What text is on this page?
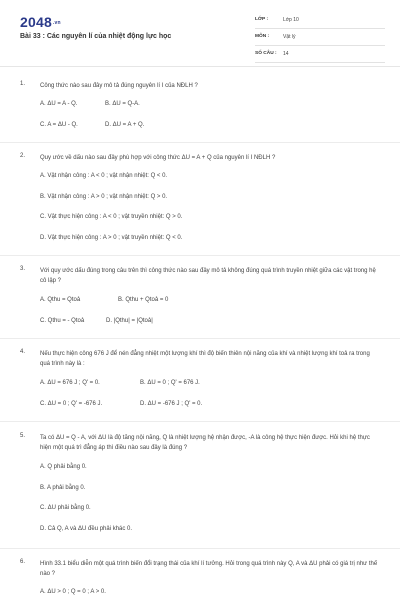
2048.vn
Bài 33 : Các nguyên lí của nhiệt động lực học
LỚP :	Lớp 10
MÔN :	Vật lý
SỐ CÂU : 14
1. Công thức nào sau đây mô tả đúng nguyên lí I của NĐLH ?
A. ΔU = A - Q.	B. ΔU = Q-A.
C. A = ΔU - Q.	D. ΔU = A + Q.
2. Quy ước về dấu nào sau đây phù hợp với công thức ΔU = A + Q của nguyên lí I NĐLH ?
A. Vật nhận công : A < 0 ; vật nhận nhiệt: Q < 0.
B. Vật nhận công : A > 0 ; vật nhận nhiệt: Q > 0.
C. Vật thực hiện công : A < 0 ; vật truyền nhiệt: Q > 0.
D. Vật thực hiện công : A > 0 ; vật truyền nhiệt: Q < 0.
3. Với quy ước dấu đúng trong câu trên thì công thức nào sau đây mô tả không đúng quá trình truyền nhiệt giữa các vật trong hệ cô lập ?
A. Qthu = Qtoả	B. Qthu + Qtoả = 0
C. Qthu = - Qtoả	D. |Qthu| = |Qtoả|
4. Nếu thực hiện công 676 J để nén đẳng nhiệt một lượng khí thì độ biến thiên nội năng của khí và nhiệt lượng khí toả ra trong quá trình này là :
A. ΔU = 676 J ; Q' = 0.	B. ΔU = 0 ; Q' = 676 J.
C. ΔU = 0 ; Q' = -676 J.	D. ΔU = -676 J ; Q' = 0.
5. Ta có ΔU = Q - A, với ΔU là độ tăng nội năng, Q là nhiệt lượng hệ nhận được, -A là công hệ thực hiện được. Hỏi khi hệ thực hiện một quá trì đẳng áp thì điều nào sau đây là đúng ?
A. Q phải bằng 0.
B. A phải bằng 0.
C. ΔU phải bằng 0.
D. Cả Q, A và ΔU đều phải khác 0.
6. Hình 33.1 biểu diễn một quá trình biến đổi trạng thái của khí lí tưởng. Hỏi trong quá trình này Q, A và ΔU phải có giá trị như thế nào ?
A. ΔU > 0 ; Q = 0 ; A > 0.
